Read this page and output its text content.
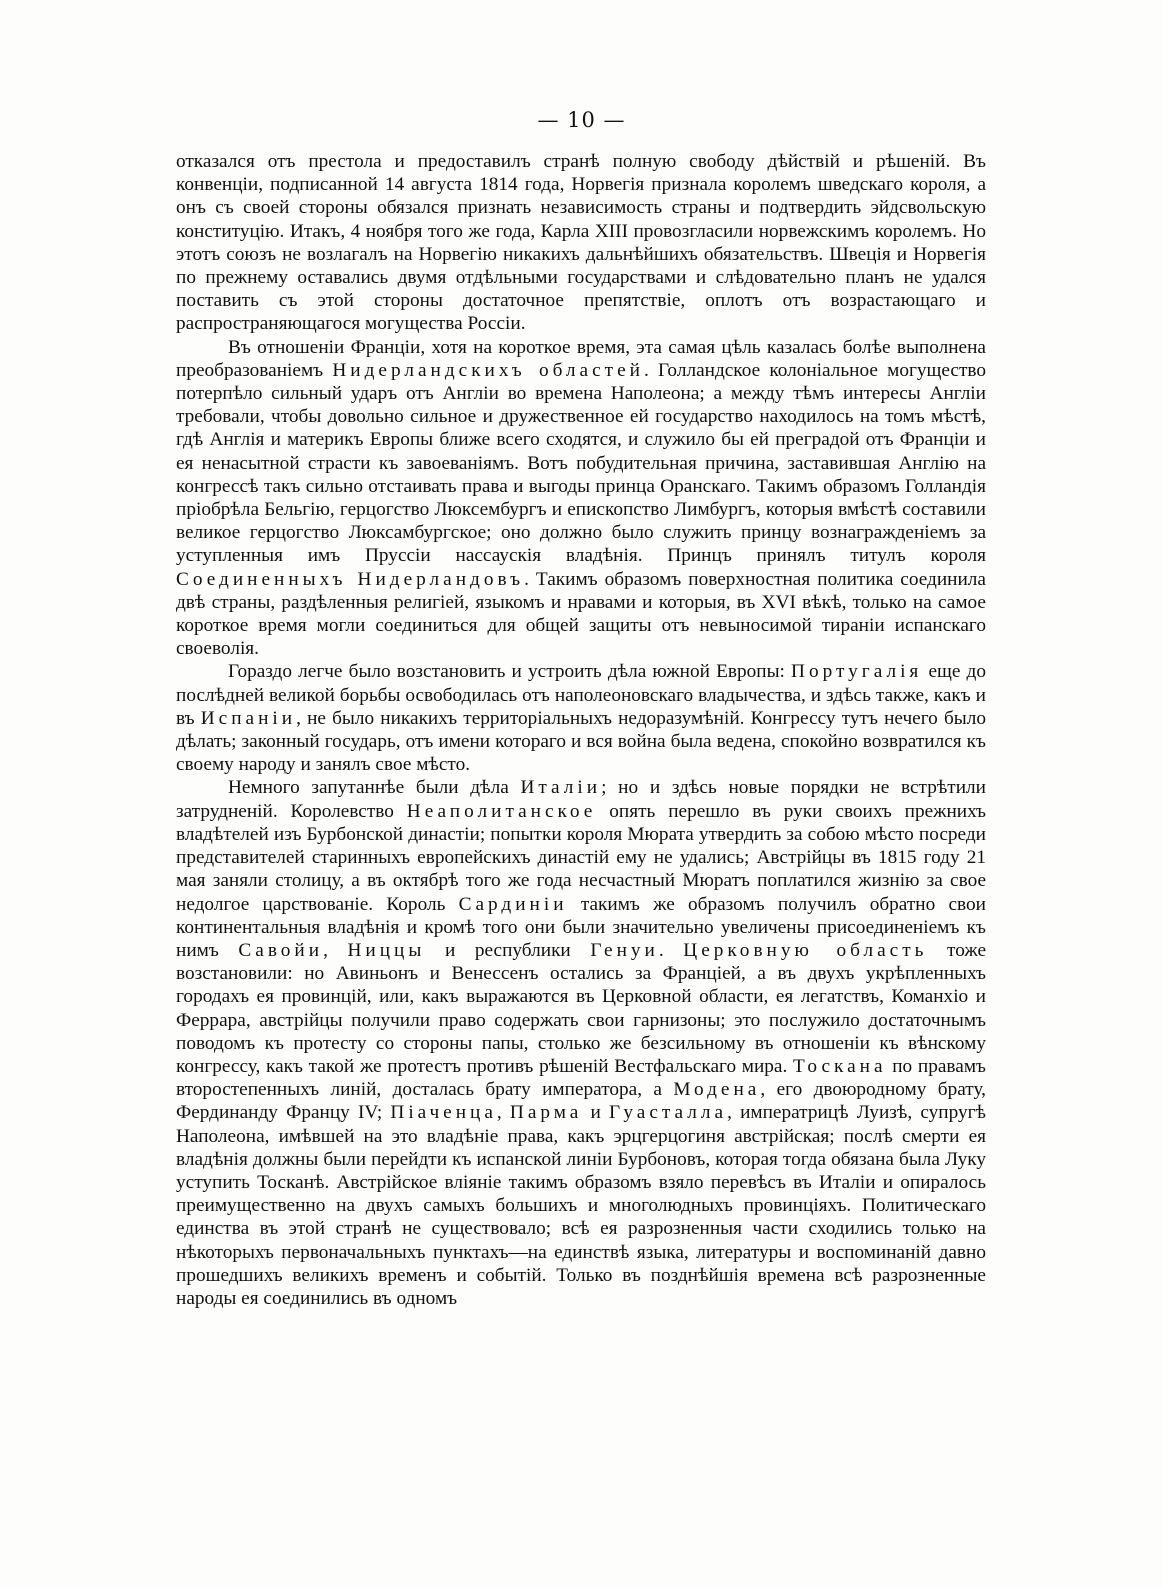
— 10 —

отказался отъ престола и предоставилъ странѣ полную свободу дѣйствій и рѣшеній. Въ конвенціи, подписанной 14 августа 1814 года, Норвегія признала королемъ шведскаго короля, а онъ съ своей стороны обязался признать независимость страны и подтвердить эйдсвольскую конституцію. Итакъ, 4 ноября того же года, Карла XIII провозгласили норвежскимъ королемъ. Но этотъ союзъ не возлагалъ на Норвегію никакихъ дальнѣйшихъ обязательствъ. Швеція и Норвегія по прежнему оставались двумя отдѣльными государствами и слѣдовательно планъ не удался поставить съ этой стороны достаточное препятствіе, оплотъ отъ возрастающаго и распространяющагося могущества Россіи.

Въ отношеніи Франціи, хотя на короткое время, эта самая цѣль казалась болѣе выполнена преобразованіемъ Нидерландскихъ областей. Голландское колоніальное могущество потерпѣло сильный ударъ отъ Англіи во времена Наполеона; а между тѣмъ интересы Англіи требовали, чтобы довольно сильное и дружественное ей государство находилось на томъ мѣстѣ, гдѣ Англія и материкъ Европы ближе всего сходятся, и служило бы ей преградой отъ Франціи и ея ненасытной страсти къ завоеваніямъ. Вотъ побудительная причина, заставившая Англію на конгрессѣ такъ сильно отстаивать права и выгоды принца Оранскаго. Такимъ образомъ Голландія пріобрѣла Бельгію, герцогство Люксембургъ и епископство Лимбургъ, которыя вмѣстѣ составили великое герцогство Люксамбургское; оно должно было служить принцу вознагражденіемъ за уступленныя имъ Пруссіи нассаускія владѣнія. Принцъ принялъ титулъ короля Соединенныхъ Нидерландовъ. Такимъ образомъ поверхностная политика соединила двѣ страны, раздѣленныя религіей, языкомъ и нравами и которыя, въ XVI вѣкѣ, только на самое короткое время могли соединиться для общей защиты отъ невыносимой тираніи испанскаго своеволія.

Гораздо легче было возстановить и устроить дѣла южной Европы: Португалія еще до послѣдней великой борьбы освободилась отъ наполеоновскаго владычества, и здѣсь также, какъ и въ Испаніи, не было никакихъ территоріальныхъ недоразумѣній. Конгрессу тутъ нечего было дѣлать; законный государь, отъ имени котораго и вся война была ведена, спокойно возвратился къ своему народу и занялъ свое мѣсто.

Немного запутаннѣе были дѣла Италіи; но и здѣсь новые порядки не встрѣтили затрудненій. Королевство Неаполитанское опять перешло въ руки своихъ прежнихъ владѣтелей изъ Бурбонской династіи; попытки короля Мюрата утвердить за собою мѣсто посреди представителей старинныхъ европейскихъ династій ему не удались; Австрійцы въ 1815 году 21 мая заняли столицу, а въ октябрѣ того же года несчастный Мюратъ поплатился жизнію за свое недолгое царствованіе. Король Сардиніи такимъ же образомъ получилъ обратно свои континентальныя владѣнія и кромѣ того они были значительно увеличены присоединеніемъ къ нимъ Савойи, Ниццы и республики Генуи. Церковную область тоже возстановили: но Авиньонъ и Венессенъ остались за Франціей, а въ двухъ укрѣпленныхъ городахъ ея провинцій, или, какъ выражаются въ Церковной области, ея легатствъ, Команхіо и Феррара, австрійцы получили право содержать свои гарнизоны; это послужило достаточнымъ поводомъ къ протесту со стороны папы, столько же безсильному въ отношеніи къ вѣнскому конгрессу, какъ такой же протестъ противъ рѣшеній Вестфальскаго мира. Тоскана по правамъ второстепенныхъ линій, досталась брату императора, а Модена, его двоюродному брату, Фердинанду Францу IV; Піаченца, Парма и Гуасталла, императрицѣ Луизѣ, супругѣ Наполеона, имѣвшей на это владѣніе права, какъ эрцгерцогиня австрійская; послѣ смерти ея владѣнія должны были перейдти къ испанской линіи Бурбоновъ, которая тогда обязана была Луку уступить Тосканѣ. Австрійское вліяніе такимъ образомъ взяло перевѣсъ въ Италіи и опиралось преимущественно на двухъ самыхъ большихъ и многолюдныхъ провинціяхъ. Политическаго единства въ этой странѣ не существовало; всѣ ея разрозненныя части сходились только на нѣкоторыхъ первоначальныхъ пунктахъ—на единствѣ языка, литературы и воспоминаній давно прошедшихъ великихъ временъ и событій. Только въ позднѣйшія времена всѣ разрозненные народы ея соединились въ одномъ
